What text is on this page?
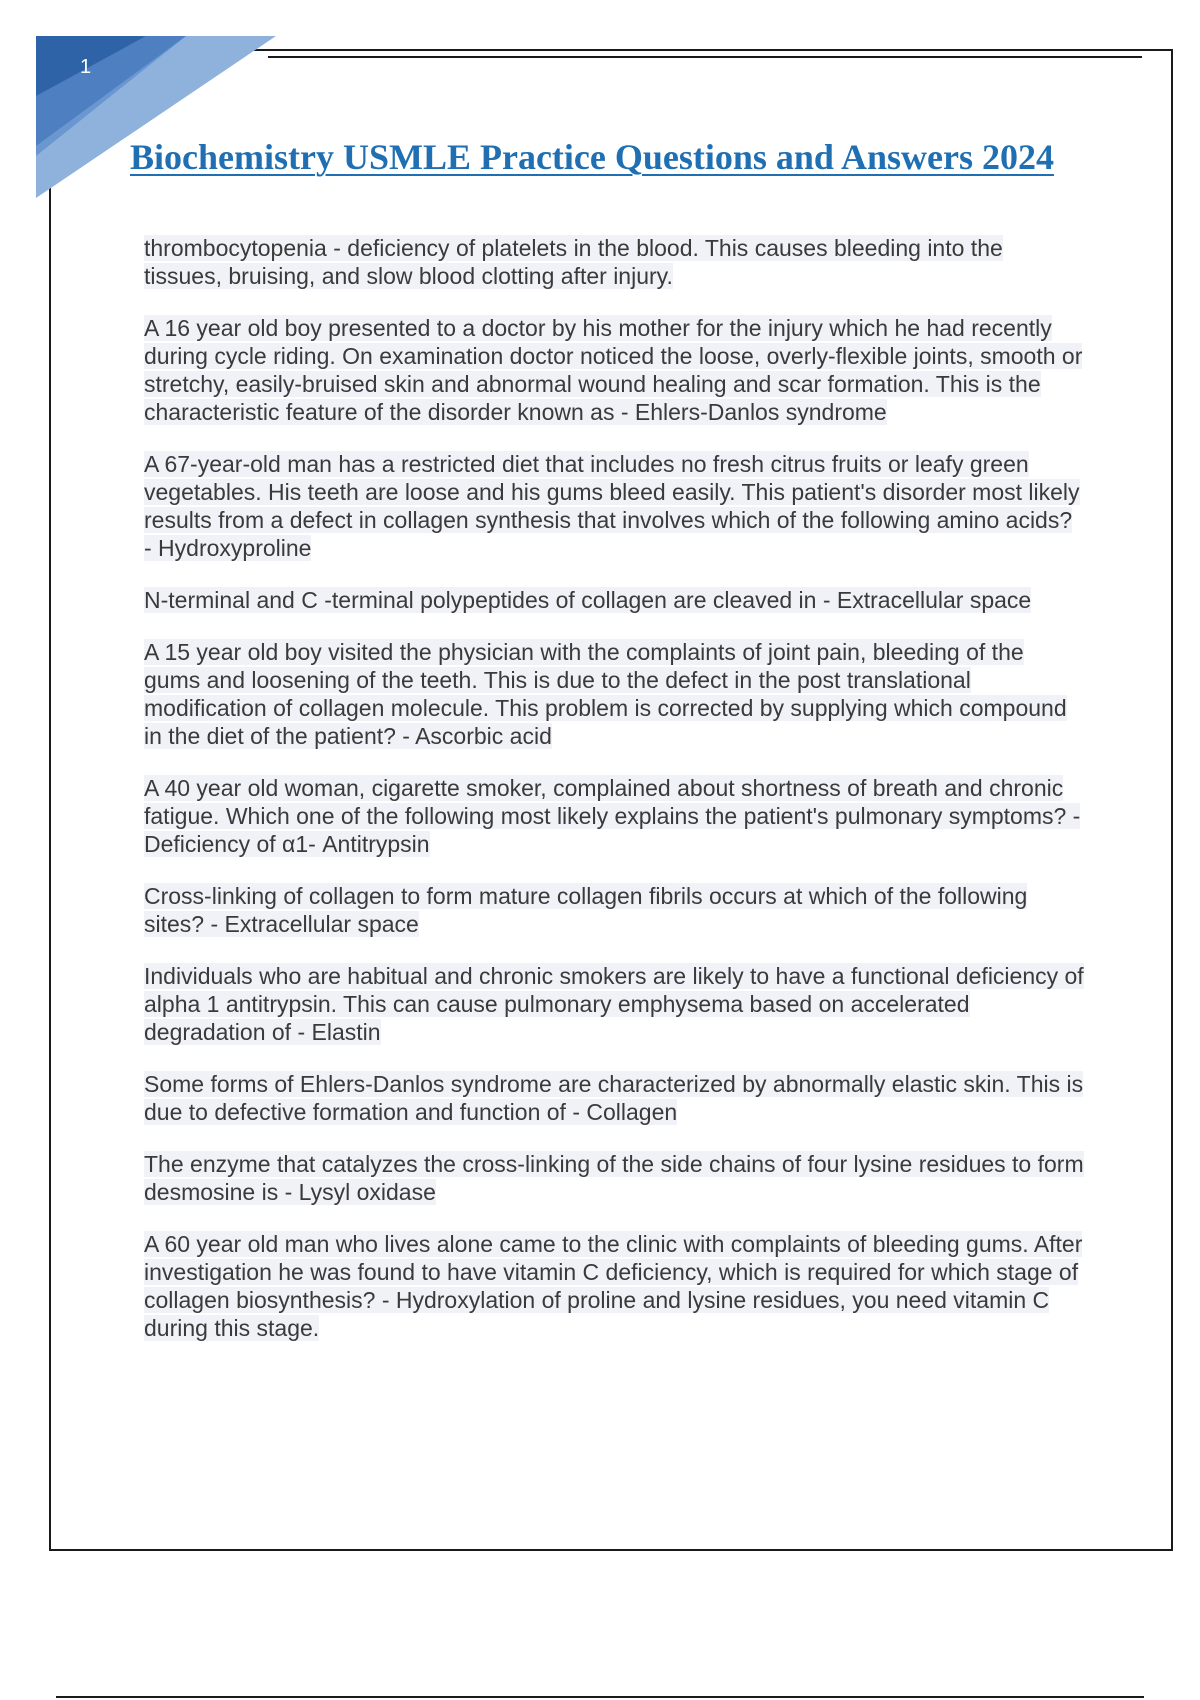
1
Biochemistry USMLE Practice Questions and Answers 2024

thrombocytopenia - deficiency of platelets in the blood. This causes bleeding into the tissues, bruising, and slow blood clotting after injury.

A 16 year old boy presented to a doctor by his mother for the injury which he had recently during cycle riding. On examination doctor noticed the loose, overly-flexible joints, smooth or stretchy, easily-bruised skin and abnormal wound healing and scar formation. This is the characteristic feature of the disorder known as - Ehlers-Danlos syndrome

A 67-year-old man has a restricted diet that includes no fresh citrus fruits or leafy green vegetables. His teeth are loose and his gums bleed easily. This patient's disorder most likely results from a defect in collagen synthesis that involves which of the following amino acids? - Hydroxyproline

N-terminal and C -terminal polypeptides of collagen are cleaved in - Extracellular space

A 15 year old boy visited the physician with the complaints of joint pain, bleeding of the gums and loosening of the teeth. This is due to the defect in the post translational modification of collagen molecule. This problem is corrected by supplying which compound in the diet of the patient? - Ascorbic acid

A 40 year old woman, cigarette smoker, complained about shortness of breath and chronic fatigue. Which one of the following most likely explains the patient's pulmonary symptoms? - Deficiency of α1- Antitrypsin

Cross-linking of collagen to form mature collagen fibrils occurs at which of the following sites? - Extracellular space

Individuals who are habitual and chronic smokers are likely to have a functional deficiency of alpha 1 antitrypsin. This can cause pulmonary emphysema based on accelerated degradation of - Elastin

Some forms of Ehlers-Danlos syndrome are characterized by abnormally elastic skin. This is due to defective formation and function of - Collagen

The enzyme that catalyzes the cross-linking of the side chains of four lysine residues to form desmosine is - Lysyl oxidase

A 60 year old man who lives alone came to the clinic with complaints of bleeding gums. After investigation he was found to have vitamin C deficiency, which is required for which stage of collagen biosynthesis? - Hydroxylation of proline and lysine residues, you need vitamin C during this stage.
